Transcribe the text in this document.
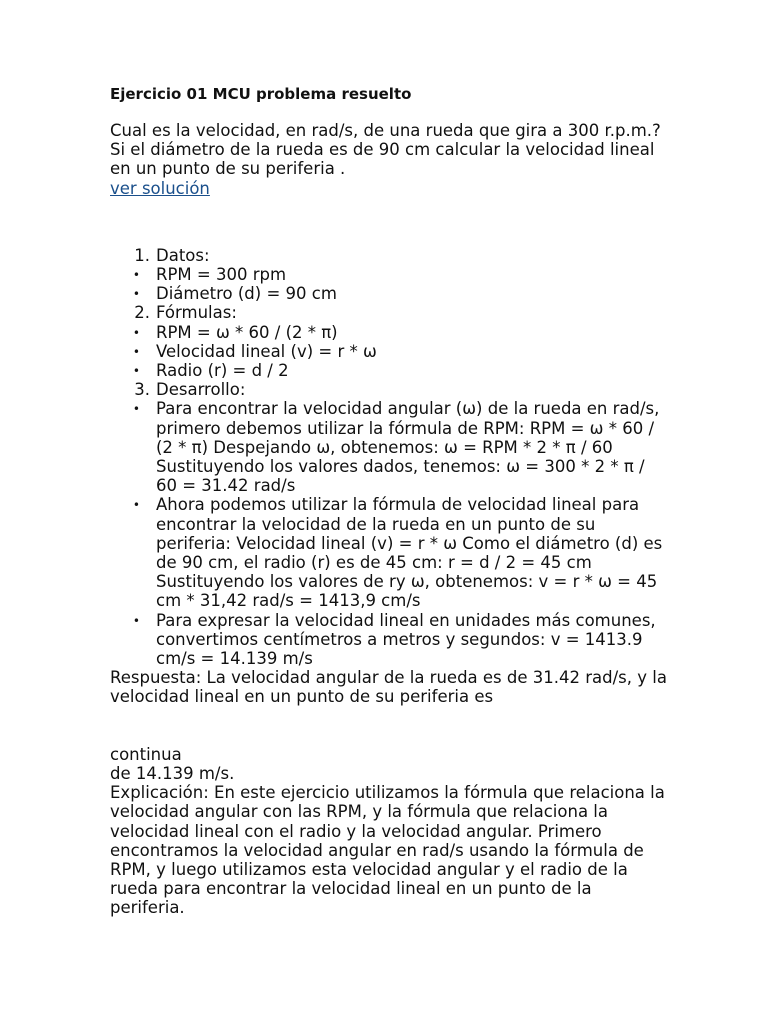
Ejercicio 01 MCU problema resuelto

Cual es la velocidad, en rad/s, de una rueda que gira a 300 r.p.m.? Si el diámetro de la rueda es de 90 cm calcular la velocidad lineal en un punto de su periferia .

ver solución
1. Datos:
• RPM = 300 rpm
• Diámetro (d) = 90 cm
2. Fórmulas:
• RPM = ω * 60 / (2 * π)
• Velocidad lineal (v) = r * ω
• Radio (r) = d / 2
3. Desarrollo:
• Para encontrar la velocidad angular (ω) de la rueda en rad/s, primero debemos utilizar la fórmula de RPM: RPM = ω * 60 / (2 * π) Despejando ω, obtenemos: ω = RPM * 2 * π / 60 Sustituyendo los valores dados, tenemos: ω = 300 * 2 * π / 60 = 31.42 rad/s
• Ahora podemos utilizar la fórmula de velocidad lineal para encontrar la velocidad de la rueda en un punto de su periferia: Velocidad lineal (v) = r * ω Como el diámetro (d) es de 90 cm, el radio (r) es de 45 cm: r = d / 2 = 45 cm Sustituyendo los valores de ry ω, obtenemos: v = r * ω = 45 cm * 31,42 rad/s = 1413,9 cm/s
• Para expresar la velocidad lineal en unidades más comunes, convertimos centímetros a metros y segundos: v = 1413.9 cm/s = 14.139 m/s

Respuesta: La velocidad angular de la rueda es de 31.42 rad/s, y la velocidad lineal en un punto de su periferia es

continua

de 14.139 m/s.

Explicación: En este ejercicio utilizamos la fórmula que relaciona la velocidad angular con las RPM, y la fórmula que relaciona la velocidad lineal con el radio y la velocidad angular. Primero encontramos la velocidad angular en rad/s usando la fórmula de RPM, y luego utilizamos esta velocidad angular y el radio de la rueda para encontrar la velocidad lineal en un punto de la periferia.
